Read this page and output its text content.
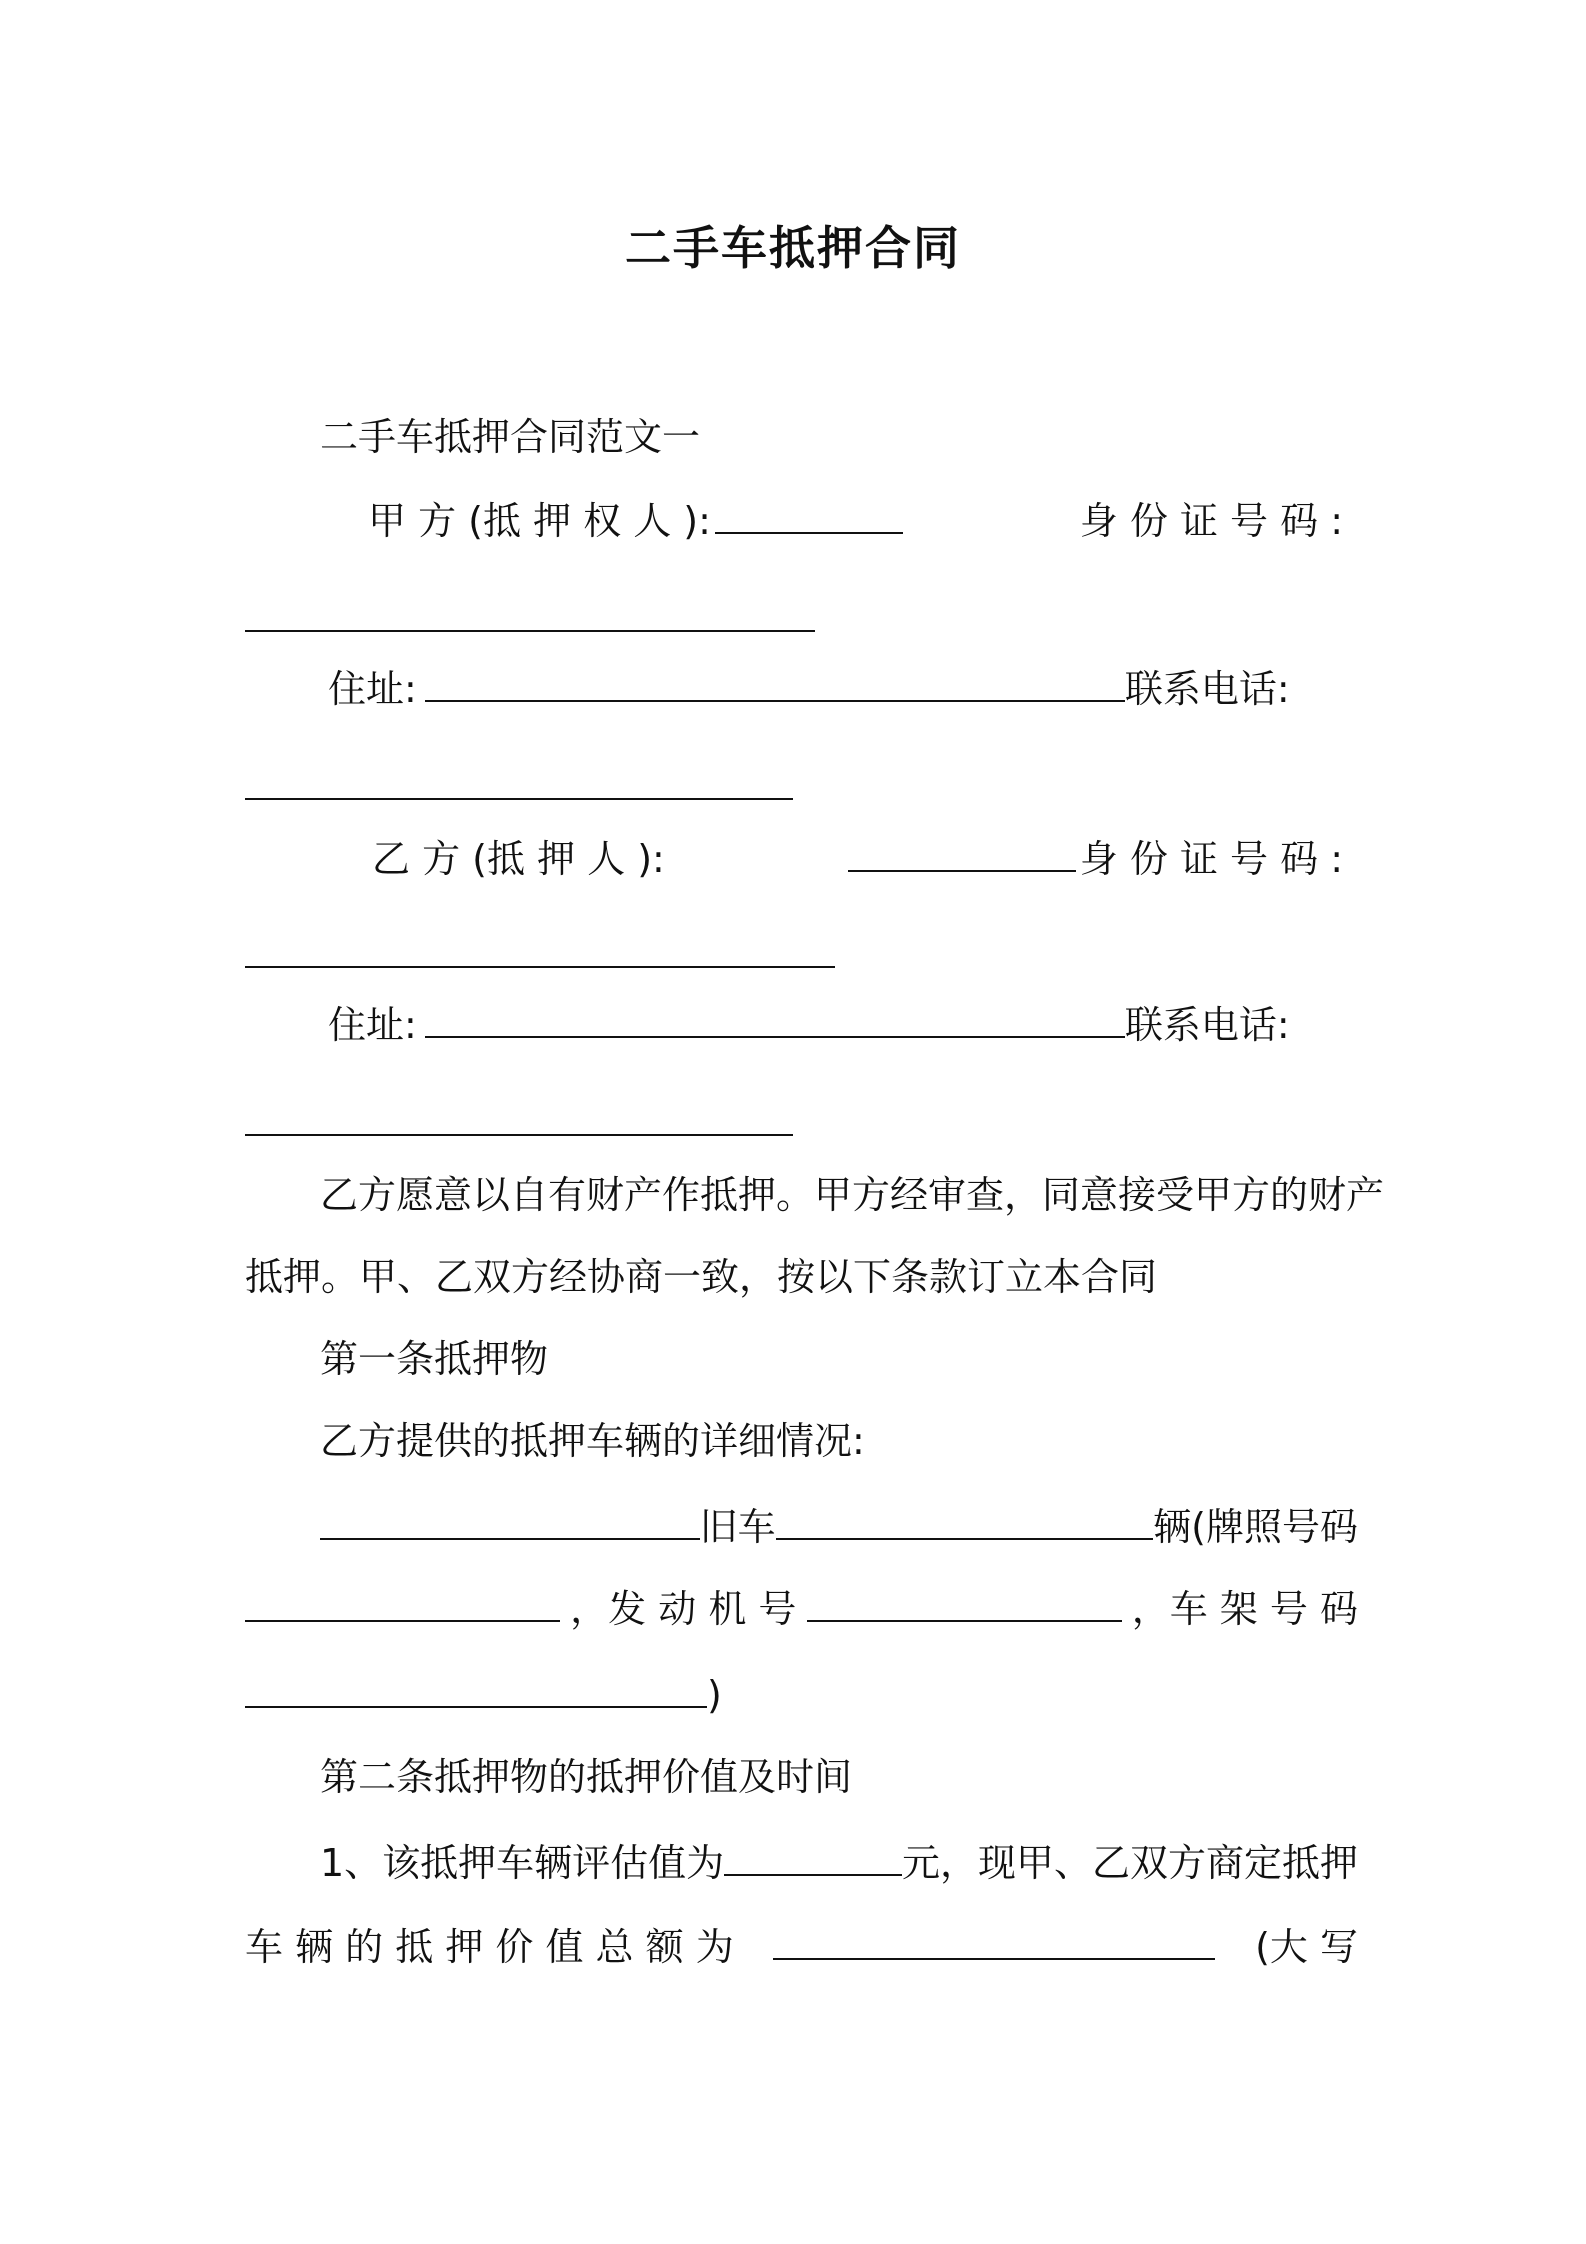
二手车抵押合同
二手车抵押合同范文一
甲 方 (抵 押 权 人 ):	身 份 证 号 码 :
住址:	联系电话:
乙 方 (抵 押 人 ):	身 份 证 号 码 :
住址:	联系电话:
乙方愿意以自有财产作抵押。甲方经审查，同意接受甲方的财产
抵押。甲、乙双方经协商一致，按以下条款订立本合同
第一条抵押物
乙方提供的抵押车辆的详细情况:
旧车	辆(牌照号码
，发 动 机 号	，车 架 号 码
)
第二条抵押物的抵押价值及时间
1、该抵押车辆评估值为	元，现甲、乙双方商定抵押
车 辆 的 抵 押 价 值 总 额 为	(大 写
